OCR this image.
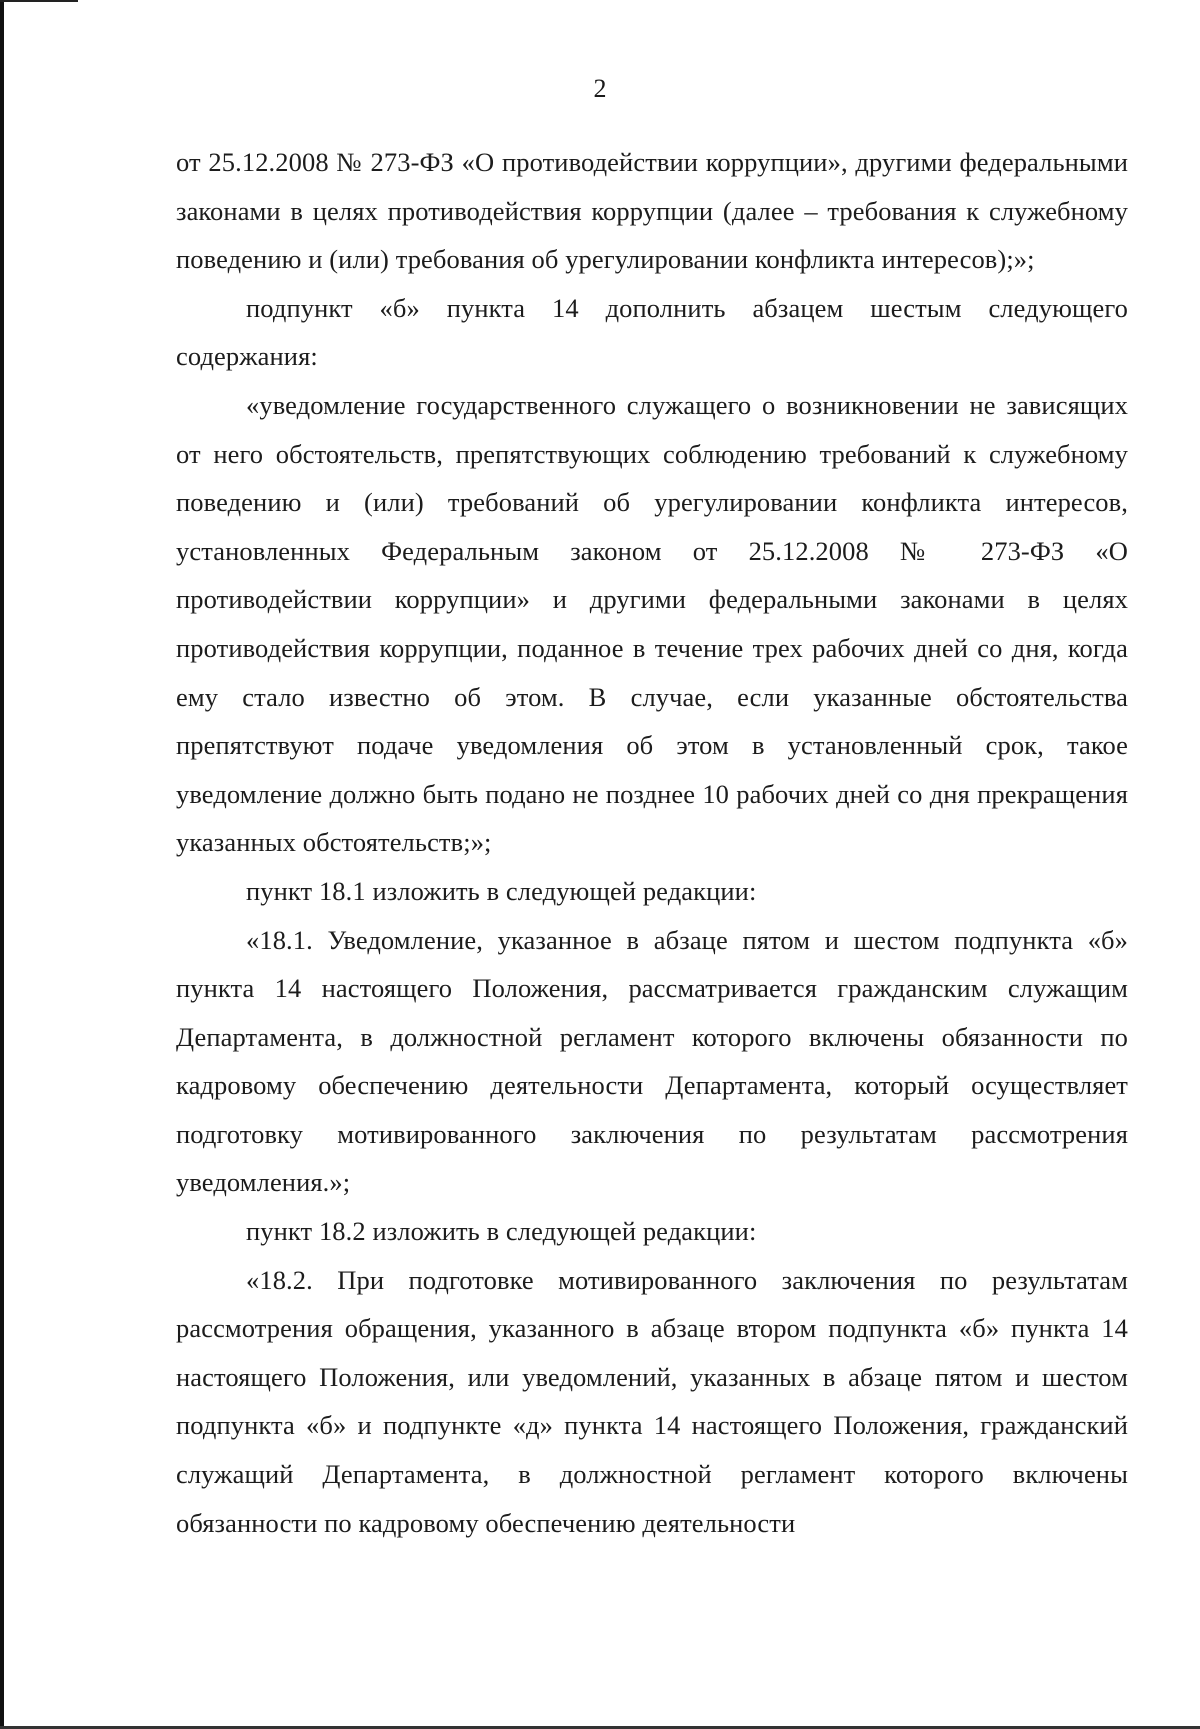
2

от 25.12.2008 № 273-ФЗ «О противодействии коррупции», другими федеральными законами в целях противодействия коррупции (далее – требования к служебному поведению и (или) требования об урегулировании конфликта интересов);»;

подпункт «б» пункта 14 дополнить абзацем шестым следующего содержания:

«уведомление государственного служащего о возникновении не зависящих от него обстоятельств, препятствующих соблюдению требований к служебному поведению и (или) требований об урегулировании конфликта интересов, установленных Федеральным законом от 25.12.2008 № 273-ФЗ «О противодействии коррупции» и другими федеральными законами в целях противодействия коррупции, поданное в течение трех рабочих дней со дня, когда ему стало известно об этом. В случае, если указанные обстоятельства препятствуют подаче уведомления об этом в установленный срок, такое уведомление должно быть подано не позднее 10 рабочих дней со дня прекращения указанных обстоятельств;»;

пункт 18.1 изложить в следующей редакции:

«18.1. Уведомление, указанное в абзаце пятом и шестом подпункта «б» пункта 14 настоящего Положения, рассматривается гражданским служащим Департамента, в должностной регламент которого включены обязанности по кадровому обеспечению деятельности Департамента, который осуществляет подготовку мотивированного заключения по результатам рассмотрения уведомления.»;

пункт 18.2 изложить в следующей редакции:

«18.2. При подготовке мотивированного заключения по результатам рассмотрения обращения, указанного в абзаце втором подпункта «б» пункта 14 настоящего Положения, или уведомлений, указанных в абзаце пятом и шестом подпункта «б» и подпункте «д» пункта 14 настоящего Положения, гражданский служащий Департамента, в должностной регламент которого включены обязанности по кадровому обеспечению деятельности
